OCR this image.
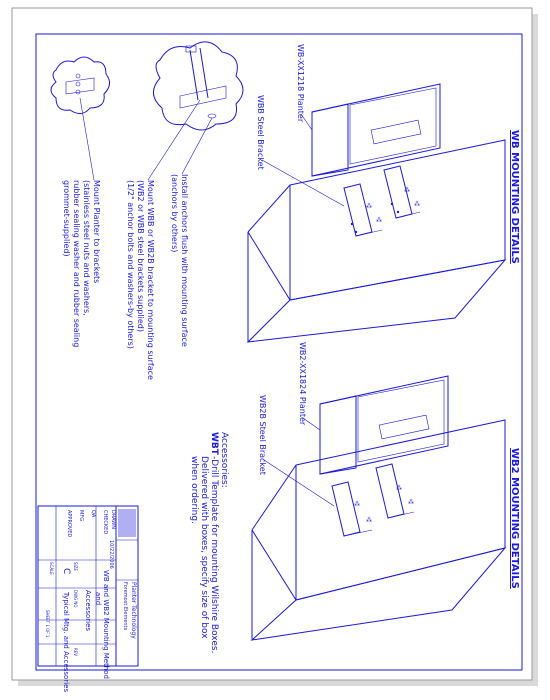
WB MOUNTING DETAILS
WB2 MOUNTING DETAILS
⁂
⁂
⁂
⁂
WB-XX1218 Planter
WBB Steel Bracket
⁂
⁂
⁂
⁂
WB2-XX1824 Planter
WB2B Steel Bracket
Install anchors flush with mounting surface
(anchors by others)
Mount WBB or WB2B bracket to mounting surface
(WB2 or WBB steel brackets supplied)
(1/2" anchor bolts and washers-by others)
Mount Planter to brackets
(stainless steel nuts and washers,
rubber sealing washer and rubber sealing
grommet-supplied)
Accessories:
WBT
-Drill Template for mounting Wilshire Boxes.
Delivered with boxes, specify size of box
when ordering.
DRAWN
CHECKED
QA
MFG
APPROVED
10/22/2006
Planter Technology
Foremost Elements
WB and WB2 Mounting Method
and
Accessories
SIZE
DWG NO
REV
SCALE C
Typical Mtg. and Accessories
SHEET 1 OF 1
